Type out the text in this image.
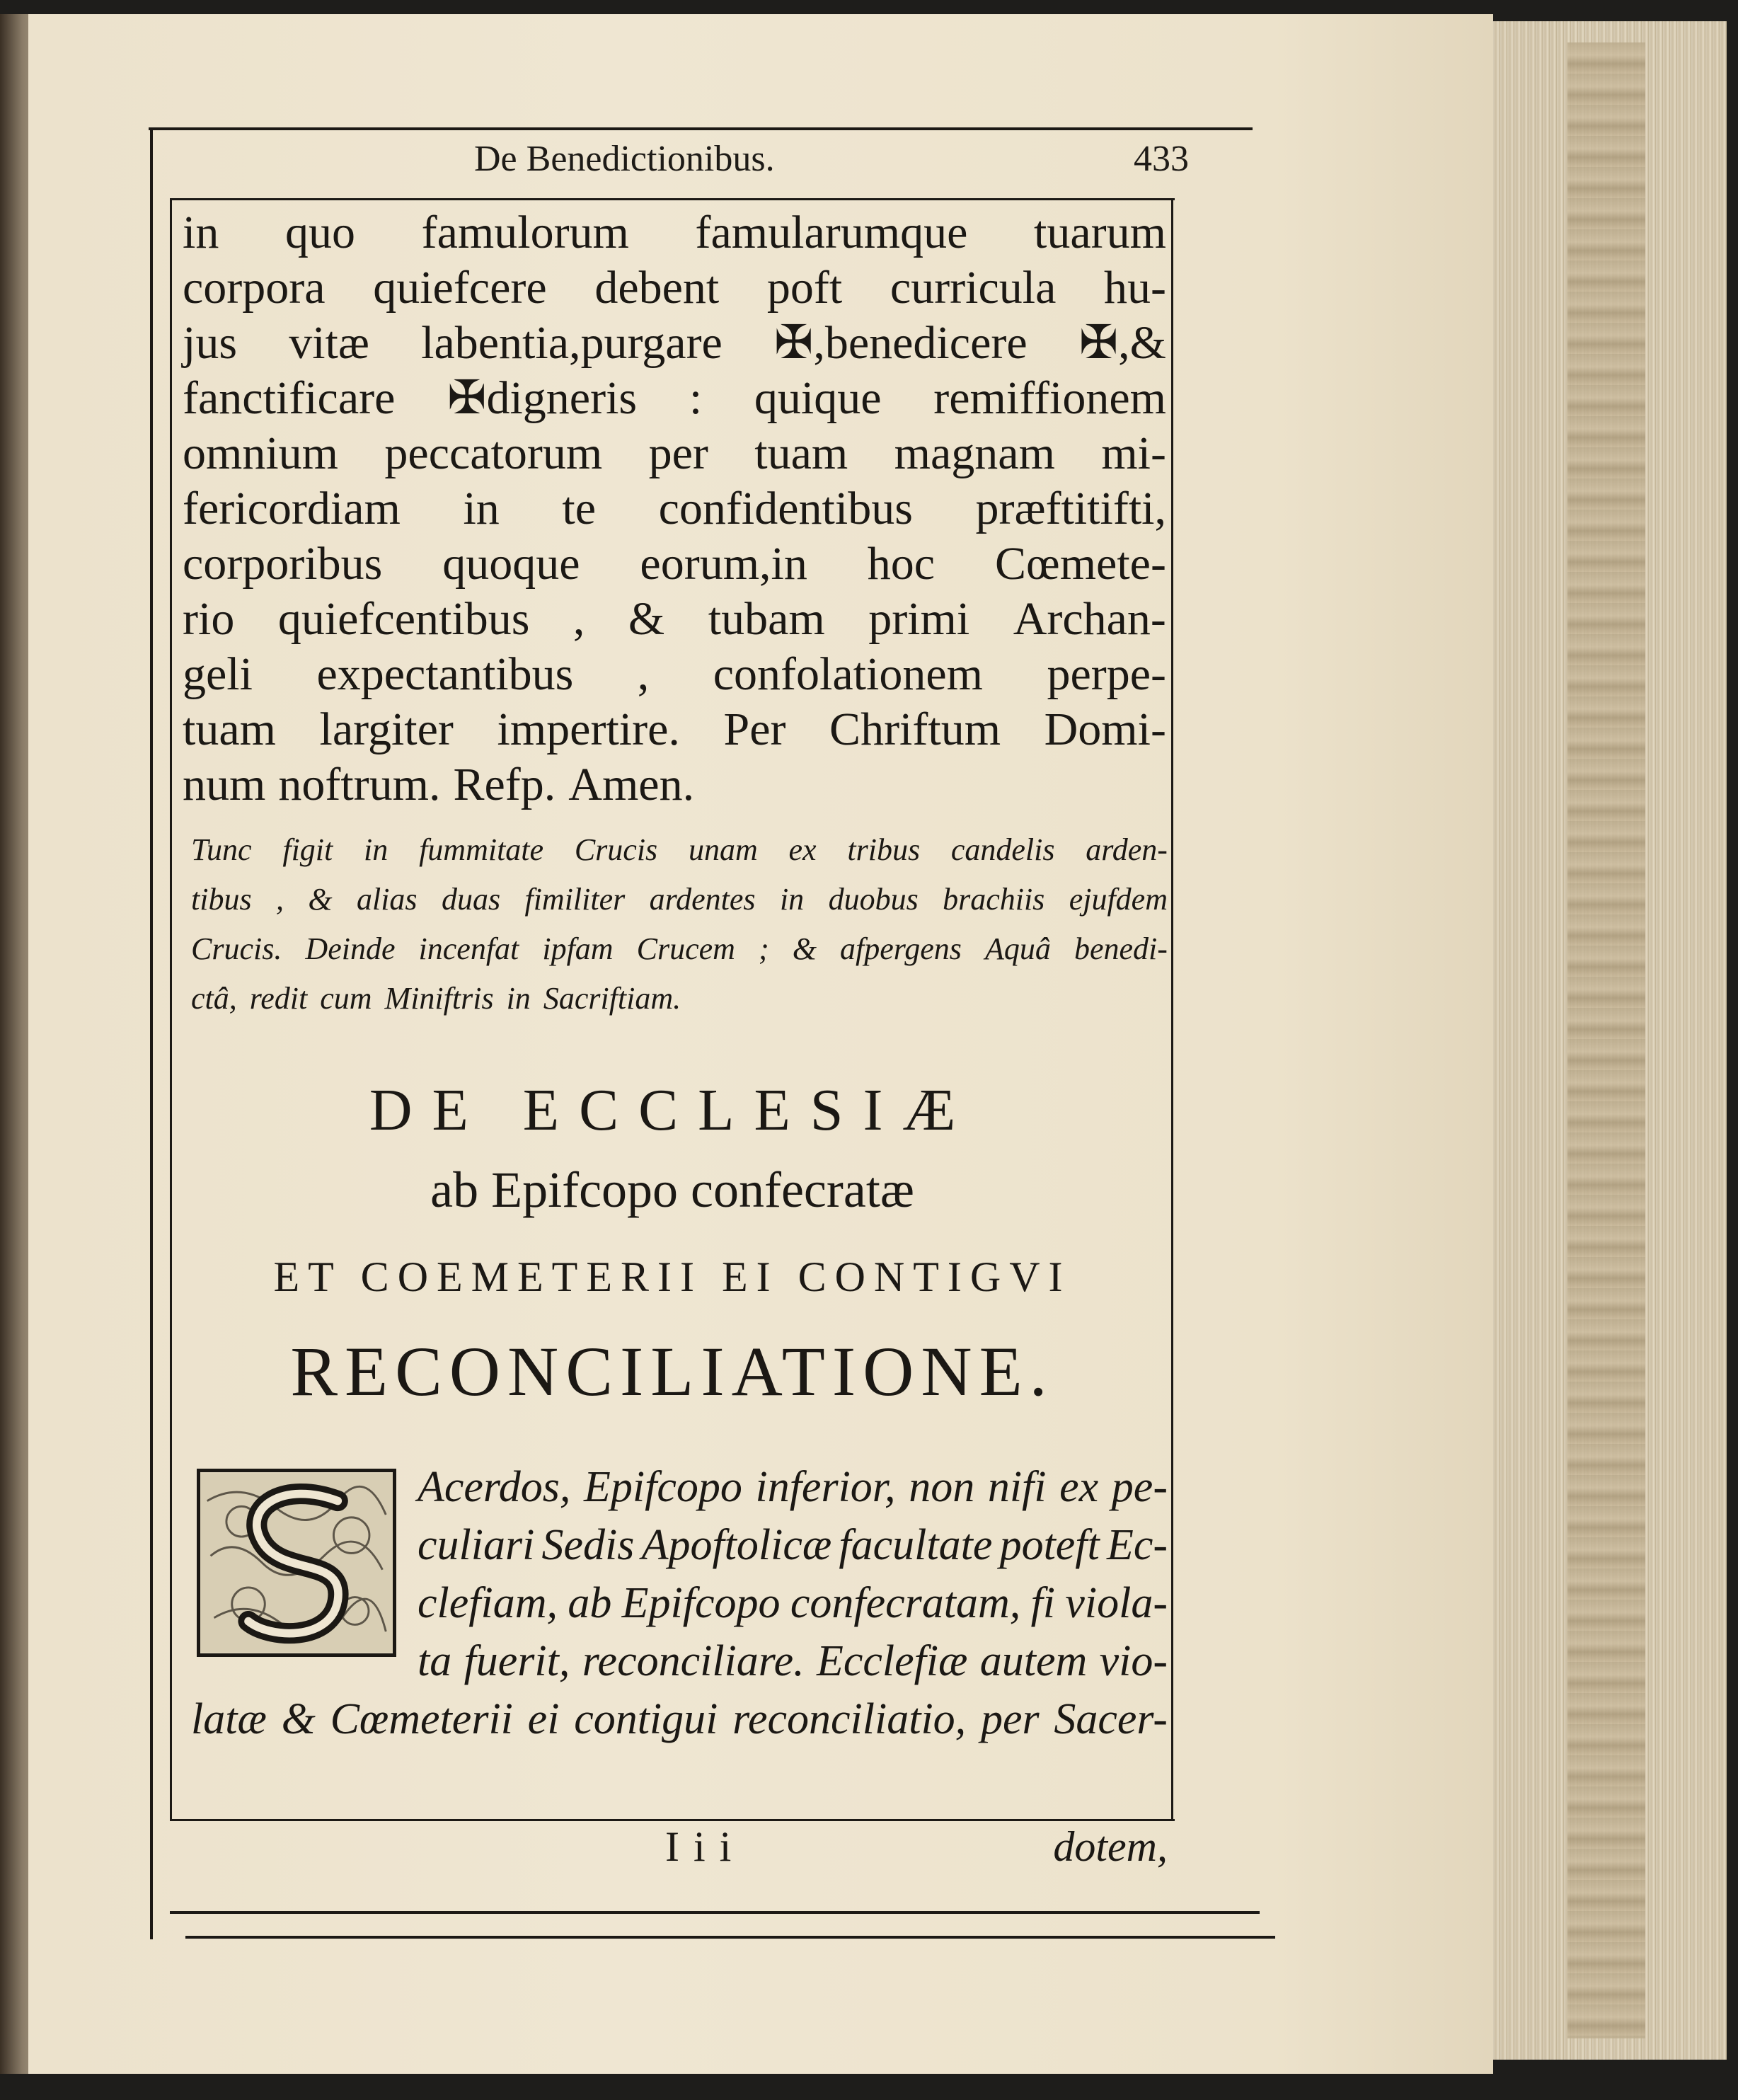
De Benedictionibus.	433
in quo famulorum famularumque tuarum
corpora quiefcere debent poft curricula hu-
jus vitæ labentia,purgare ✠,benedicere ✠,&
fanctificare ✠digneris : quique remiffionem
omnium peccatorum per tuam magnam mi-
fericordiam in te confidentibus præftitifti,
corporibus quoque eorum,in hoc Cœmete-
rio quiefcentibus , & tubam primi Archan-
geli expectantibus , confolationem perpe-
tuam largiter impertire. Per Chriftum Domi-
num noftrum. Refp. Amen.
Tunc figit in fummitate Crucis unam ex tribus candelis arden-
tibus , & alias duas fimiliter ardentes in duobus brachiis ejufdem
Crucis. Deinde incenfat ipfam Crucem ; & afpergens Aquâ benedi-
ctâ, redit cum Miniftris in Sacriftiam.
DE ECCLESIÆ
ab Epifcopo confecratæ
ET COEMETERII EI CONTIGVI
RECONCILIATIONE.
Acerdos, Epifcopo inferior, non nifi ex pe-
culiari Sedis Apoftolicæ facultate poteft Ec-
clefiam, ab Epifcopo confecratam, fi viola-
ta fuerit, reconciliare. Ecclefiæ autem vio-
latæ & Cœmeterii ei contigui reconciliatio, per Sacer-
Iii	dotem,
